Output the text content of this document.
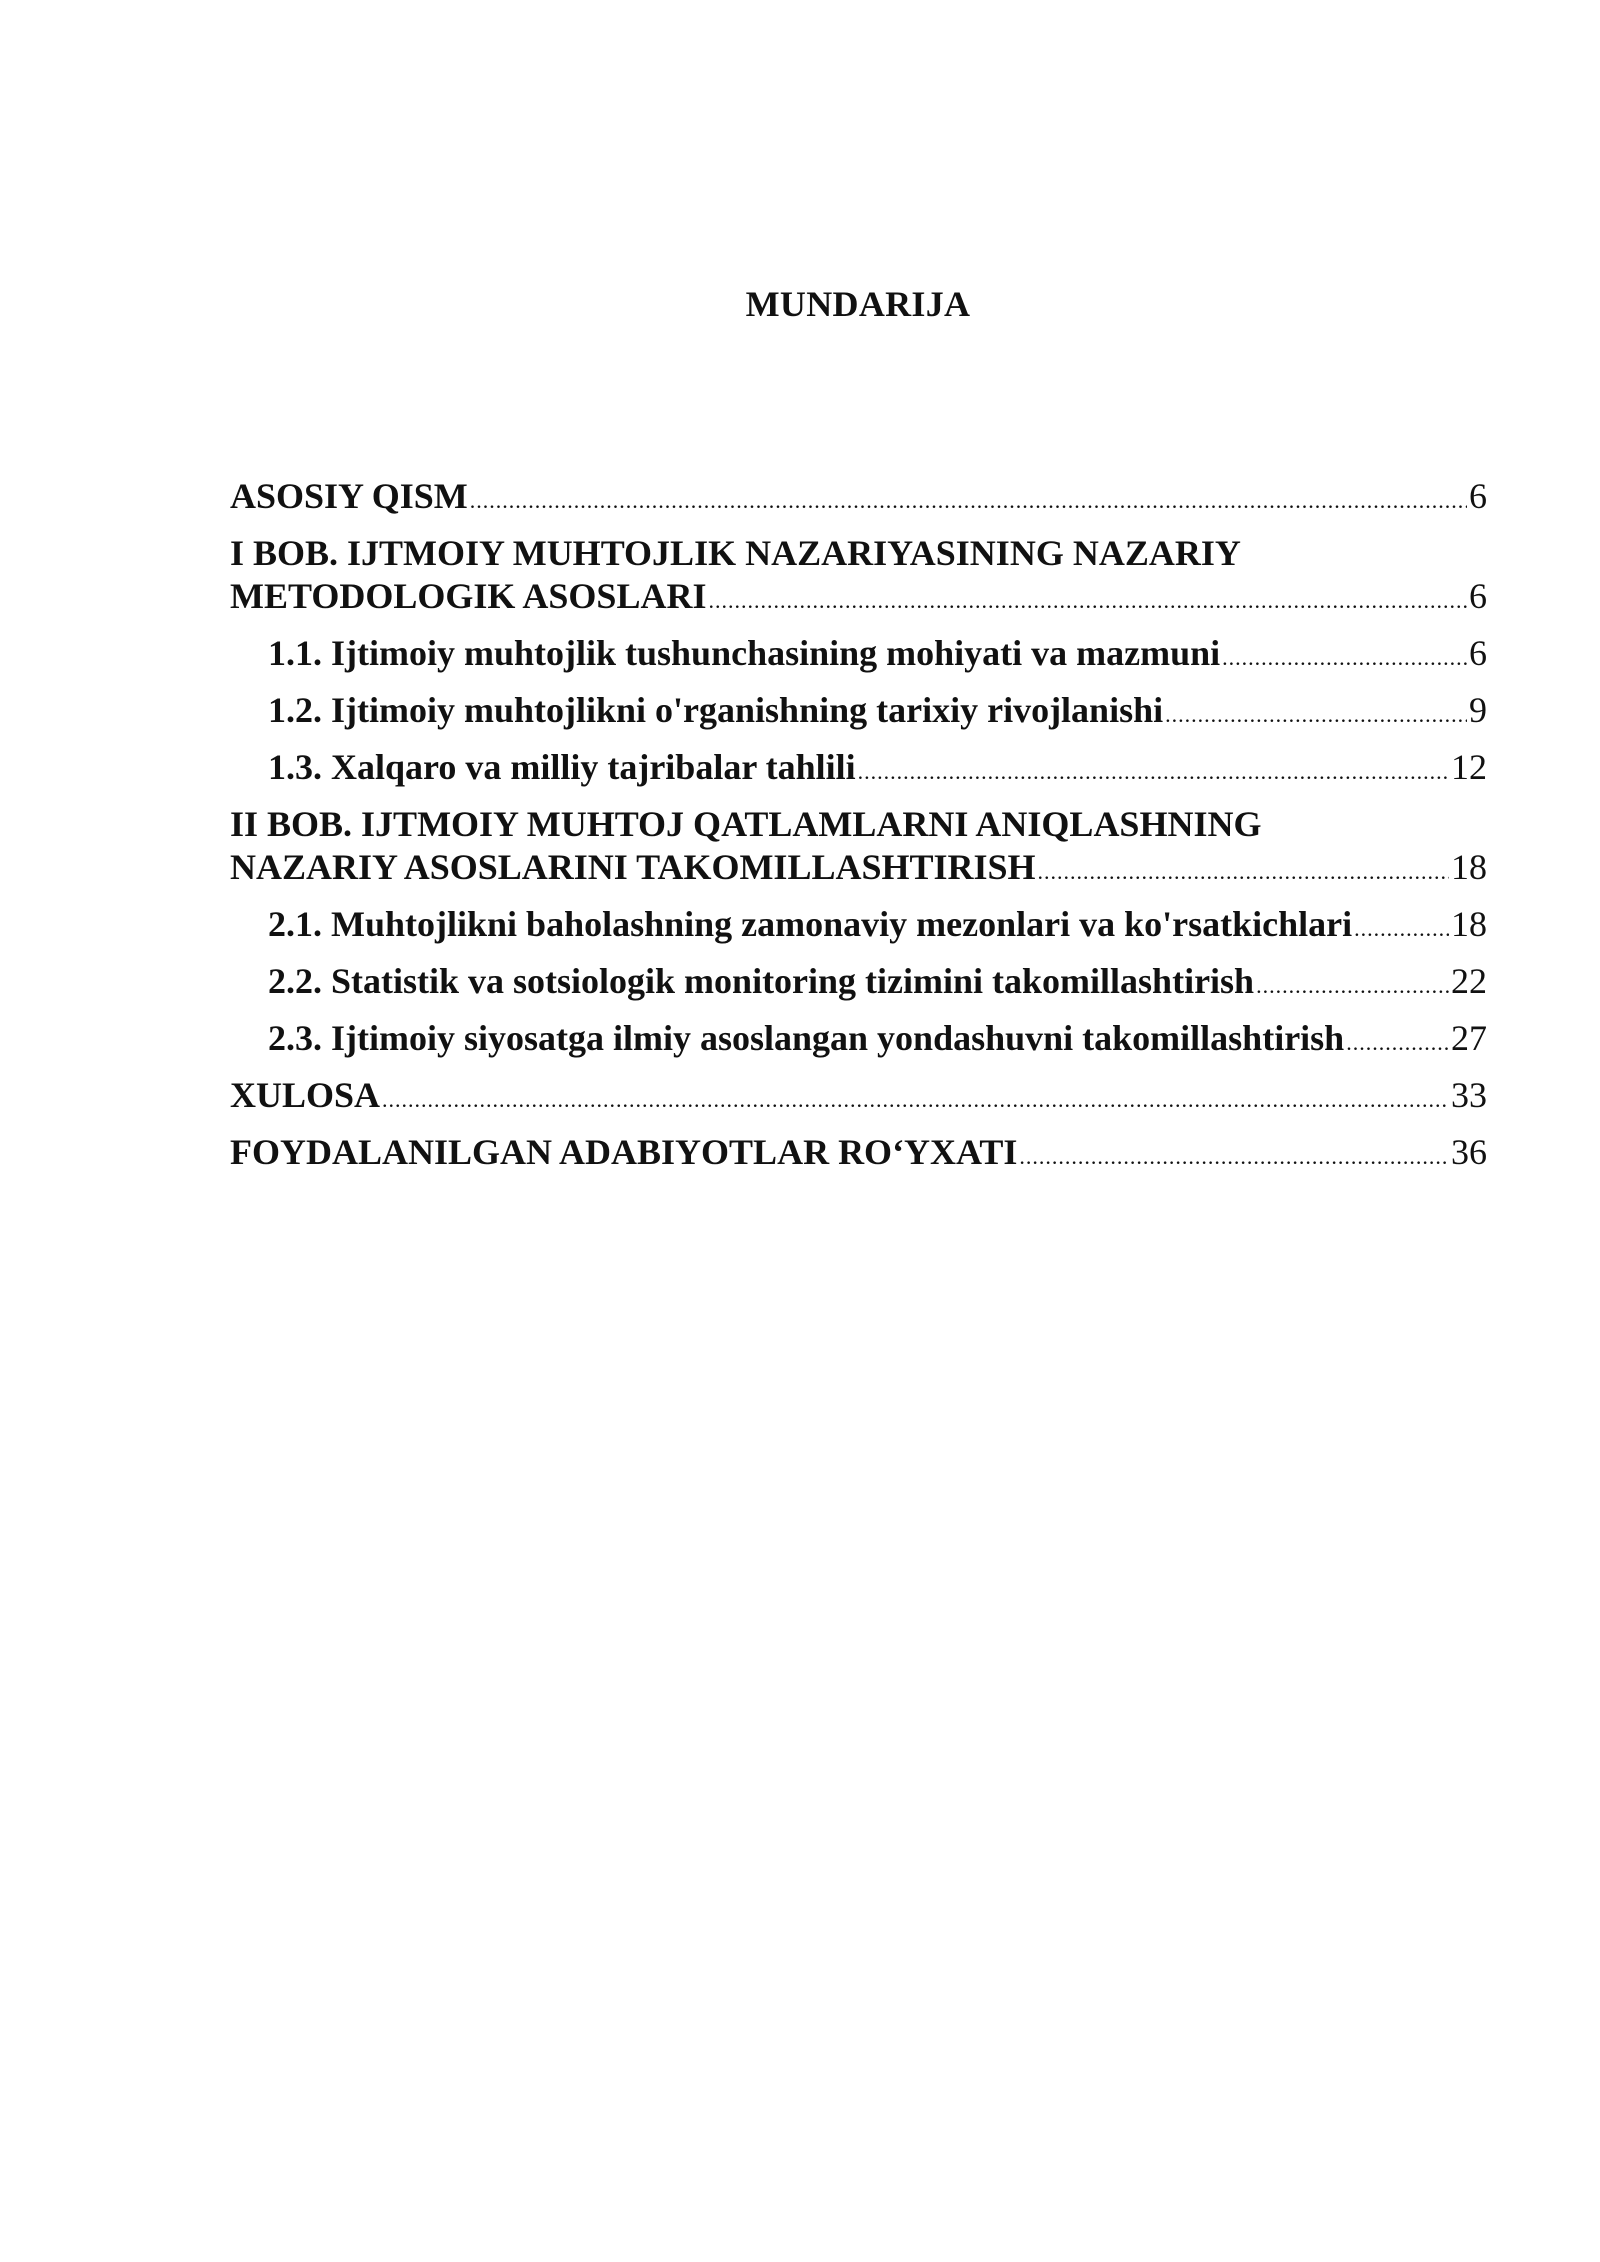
MUNDARIJA
ASOSIY QISM .....	6
I BOB. IJTMOIY MUHTOJLIK NAZARIYASINING NAZARIY
METODOLOGIK ASOSLARI .....	6
1.1. Ijtimoiy muhtojlik tushunchasining mohiyati va mazmuni .....	6
1.2. Ijtimoiy muhtojlikni o'rganishning tarixiy rivojlanishi .....	9
1.3. Xalqaro va milliy tajribalar tahlili .....	12
II BOB. IJTMOIY MUHTOJ QATLAMLARNI ANIQLASHNING
NAZARIY ASOSLARINI TAKOMILLASHTIRISH .....	18
2.1. Muhtojlikni baholashning zamonaviy mezonlari va ko'rsatkichlari .....	18
2.2. Statistik va sotsiologik monitoring tizimini takomillashtirish .....	22
2.3. Ijtimoiy siyosatga ilmiy asoslangan yondashuvni takomillashtirish .....	27
XULOSA .....	33
FOYDALANILGAN ADABIYOTLAR RO‘YXATI .....	36
